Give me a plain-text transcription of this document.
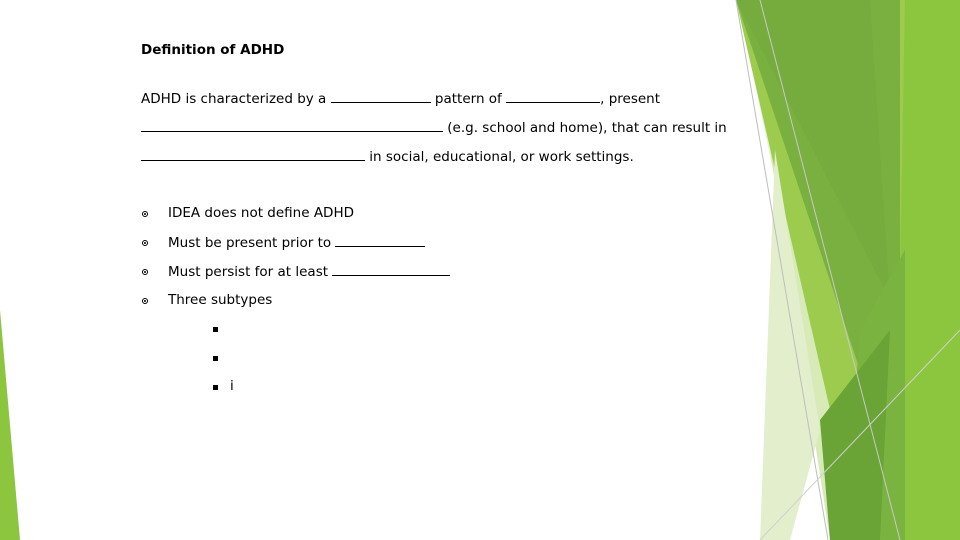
Definition of ADHD
ADHD is characterized by a	pattern of	, present
(e.g. school and home), that can result in
in social, educational, or work settings.
IDEA does not define ADHD
Must be present prior to
Must persist for at least
Three subtypes
i
